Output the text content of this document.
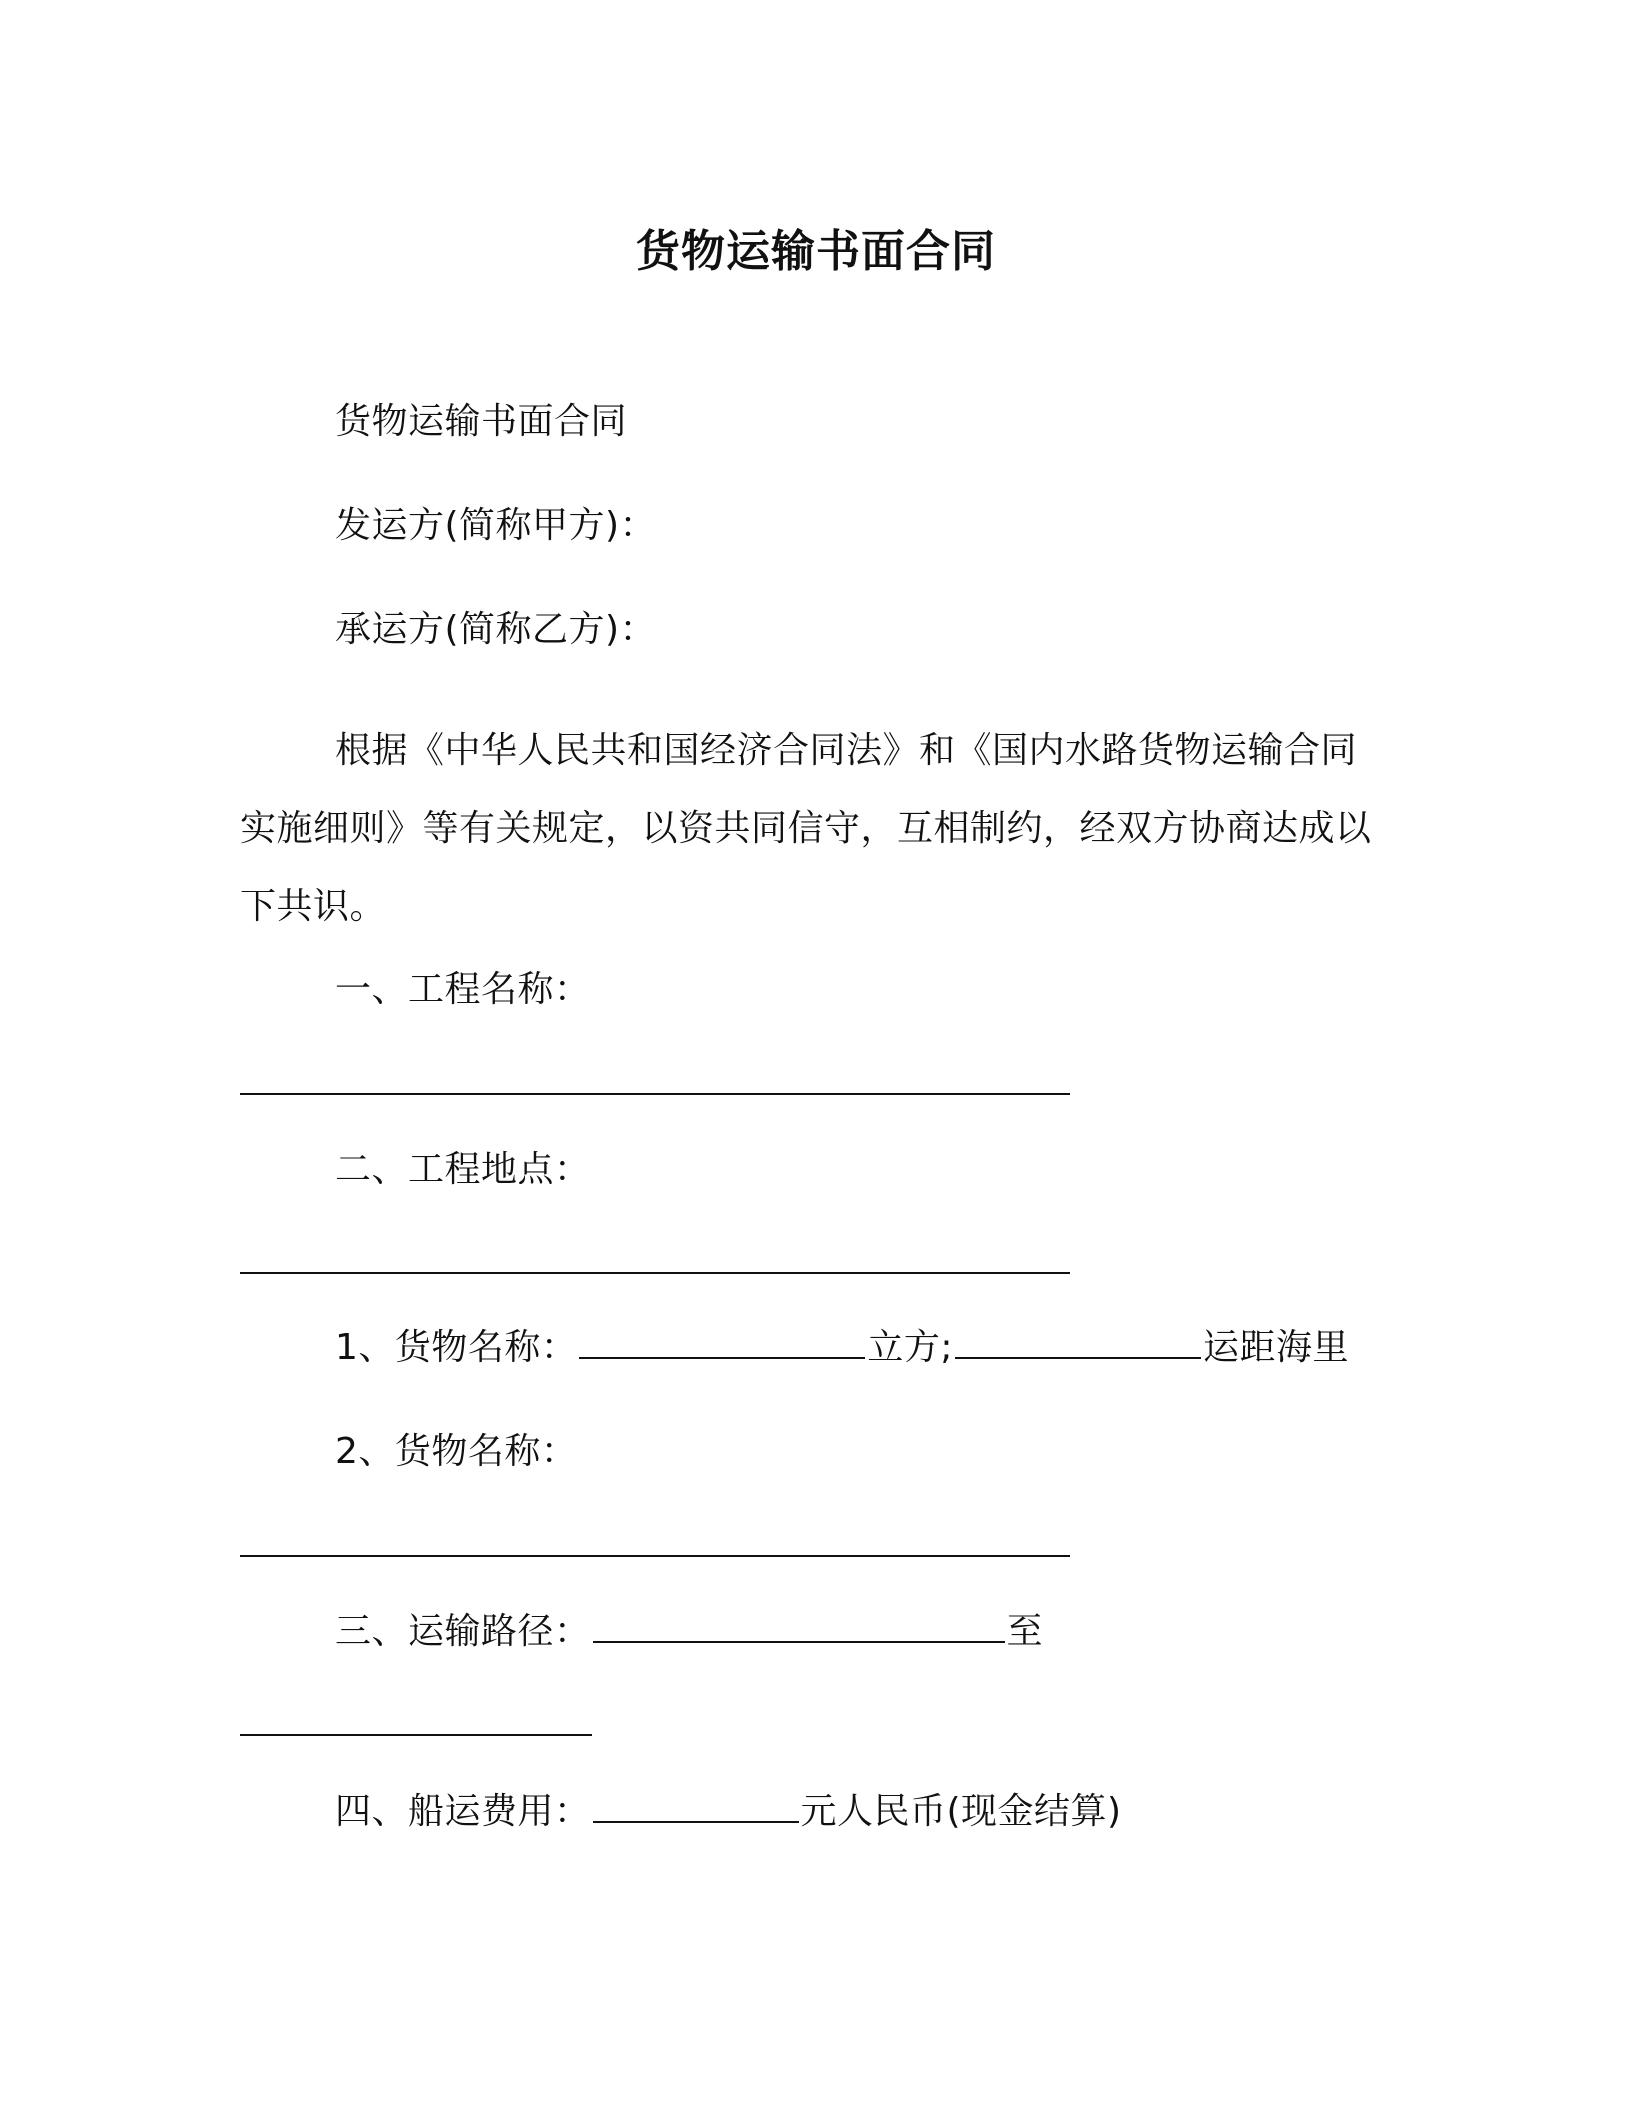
货物运输书面合同
货物运输书面合同
发运方(简称甲方)：
承运方(简称乙方)：
根据《中华人民共和国经济合同法》和《国内水路货物运输合同实施细则》等有关规定，以资共同信守，互相制约，经双方协商达成以下共识。
一、工程名称：
二、工程地点：
1、货物名称：	立方;	运距海里
2、货物名称：
三、运输路径：	至
四、船运费用：	元人民币(现金结算)
